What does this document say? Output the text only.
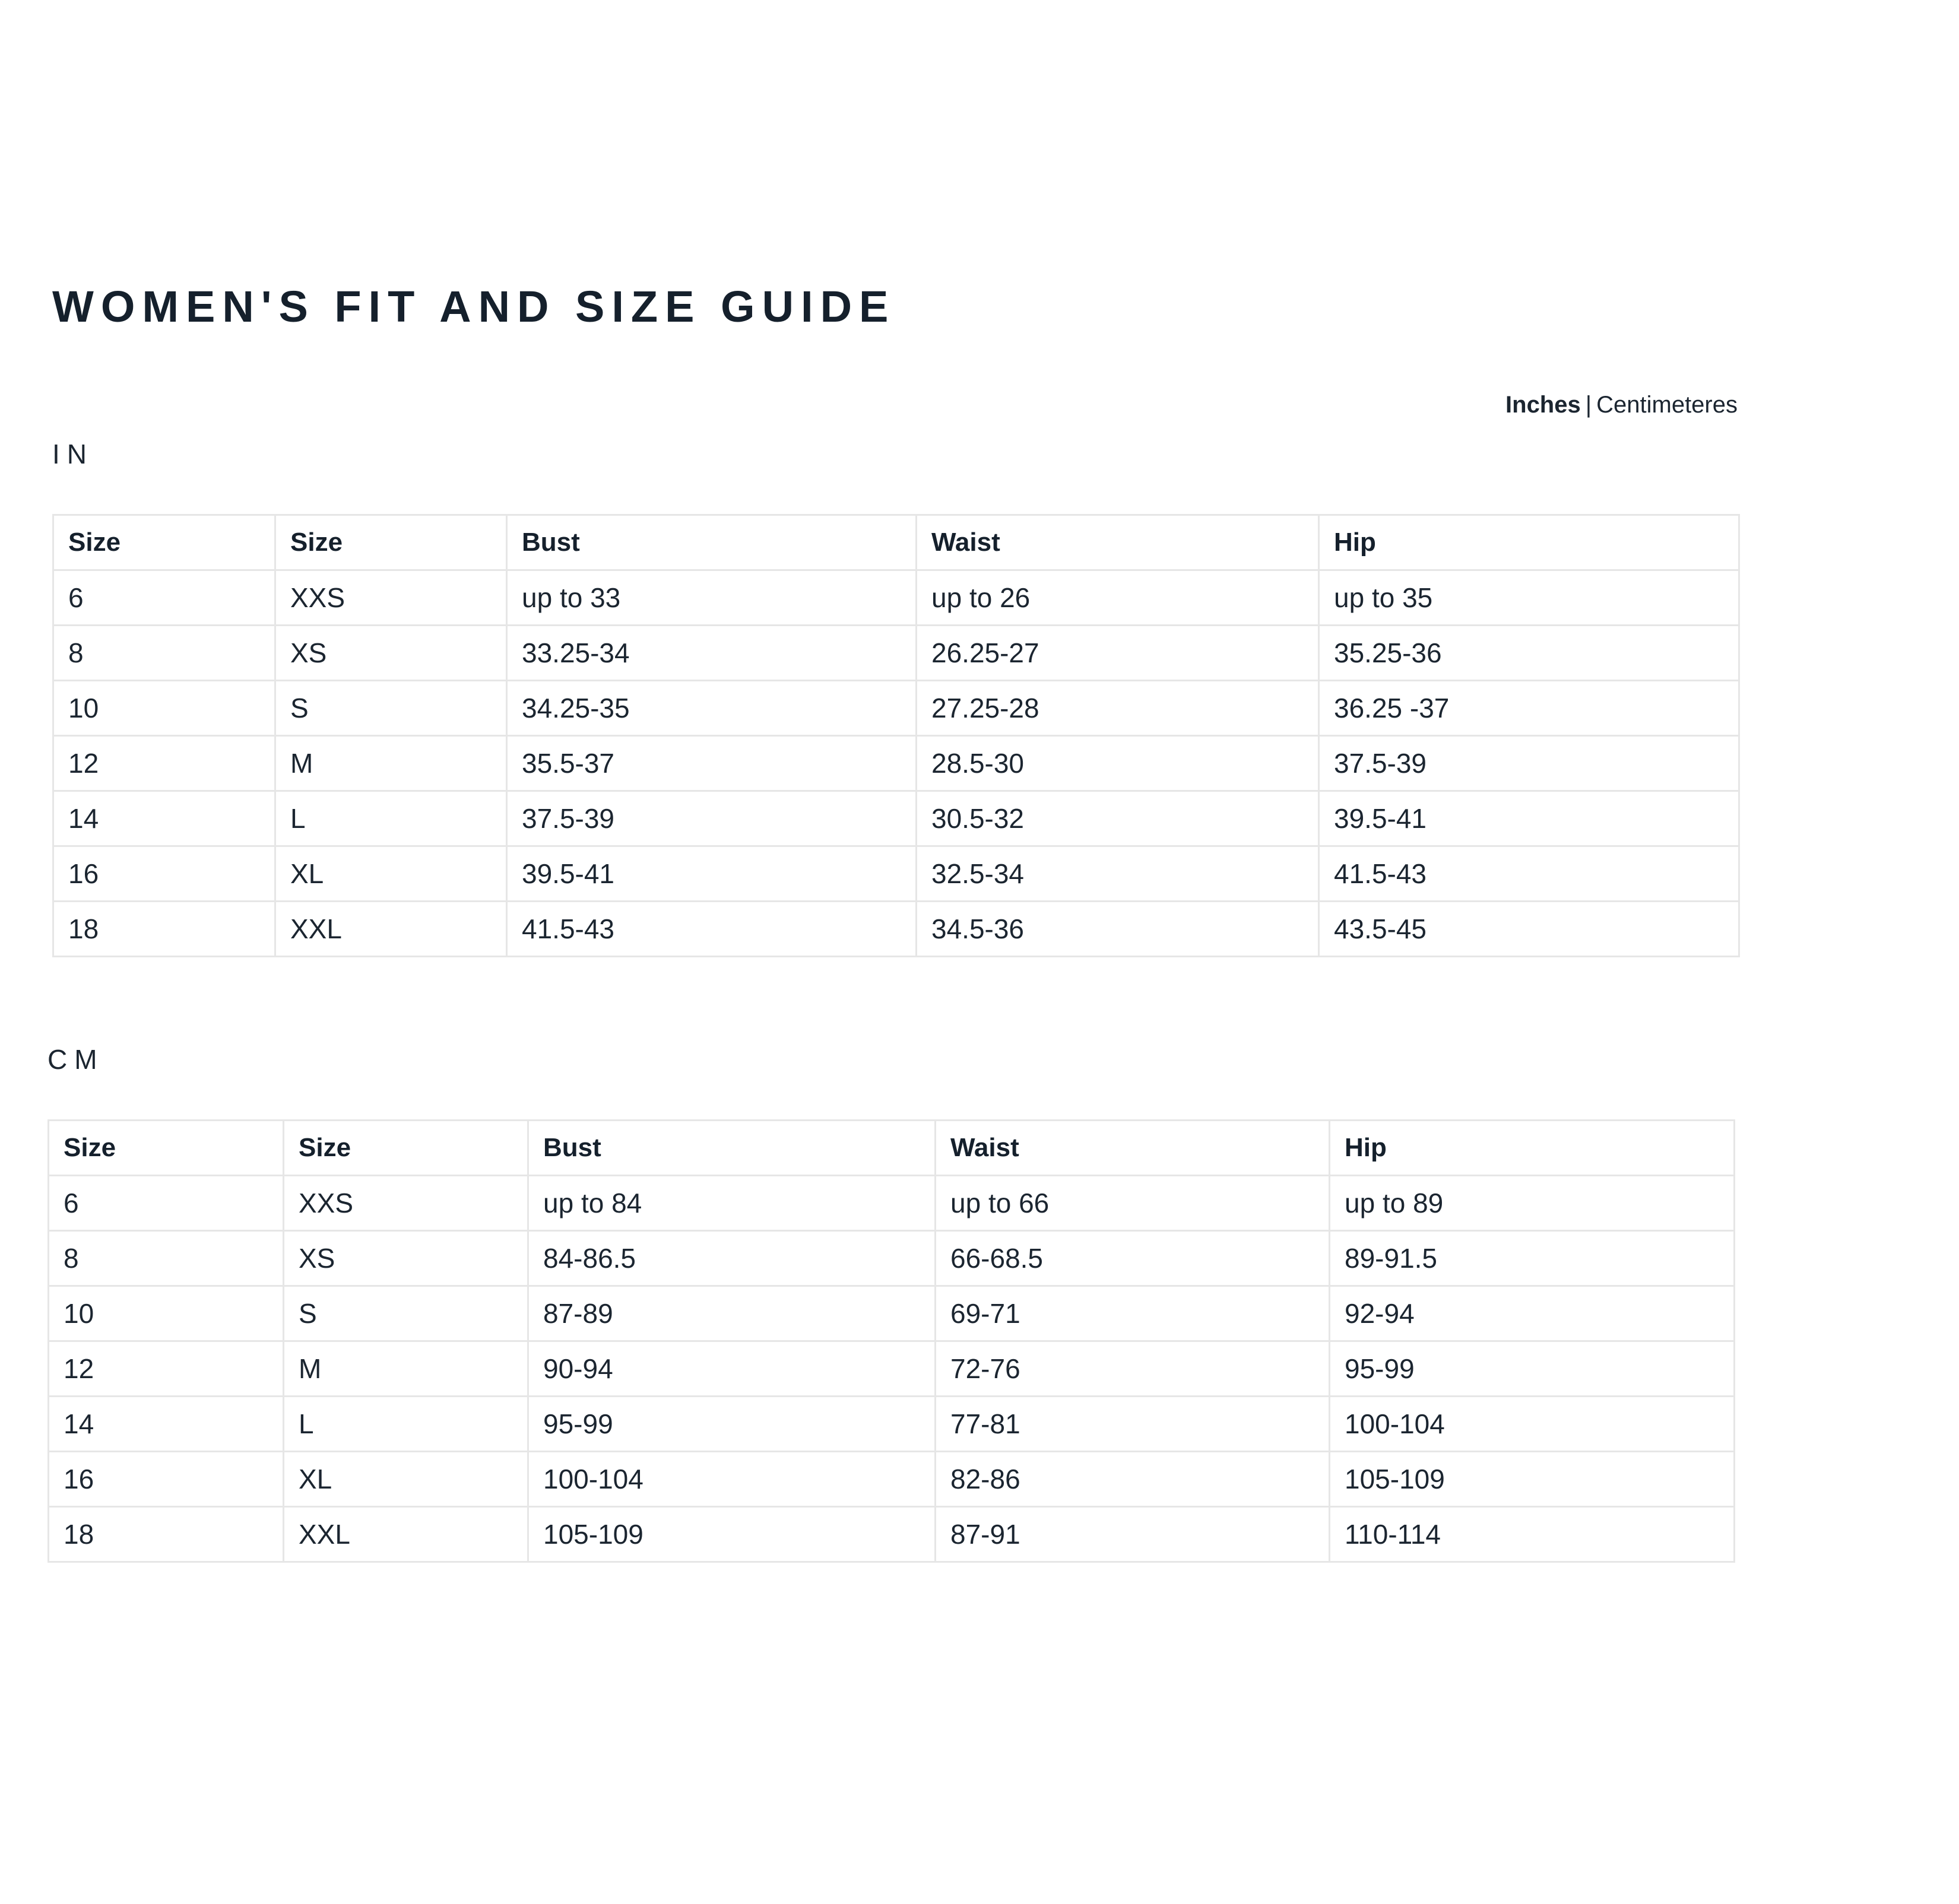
WOMEN'S FIT AND SIZE GUIDE
Inches | Centimeteres
IN
Size	Size	Bust	Waist	Hip
6	XXS	up to 33	up to 26	up to 35
8	XS	33.25-34	26.25-27	35.25-36
10	S	34.25-35	27.25-28	36.25 -37
12	M	35.5-37	28.5-30	37.5-39
14	L	37.5-39	30.5-32	39.5-41
16	XL	39.5-41	32.5-34	41.5-43
18	XXL	41.5-43	34.5-36	43.5-45
CM
Size	Size	Bust	Waist	Hip
6	XXS	up to 84	up to 66	up to 89
8	XS	84-86.5	66-68.5	89-91.5
10	S	87-89	69-71	92-94
12	M	90-94	72-76	95-99
14	L	95-99	77-81	100-104
16	XL	100-104	82-86	105-109
18	XXL	105-109	87-91	110-114
